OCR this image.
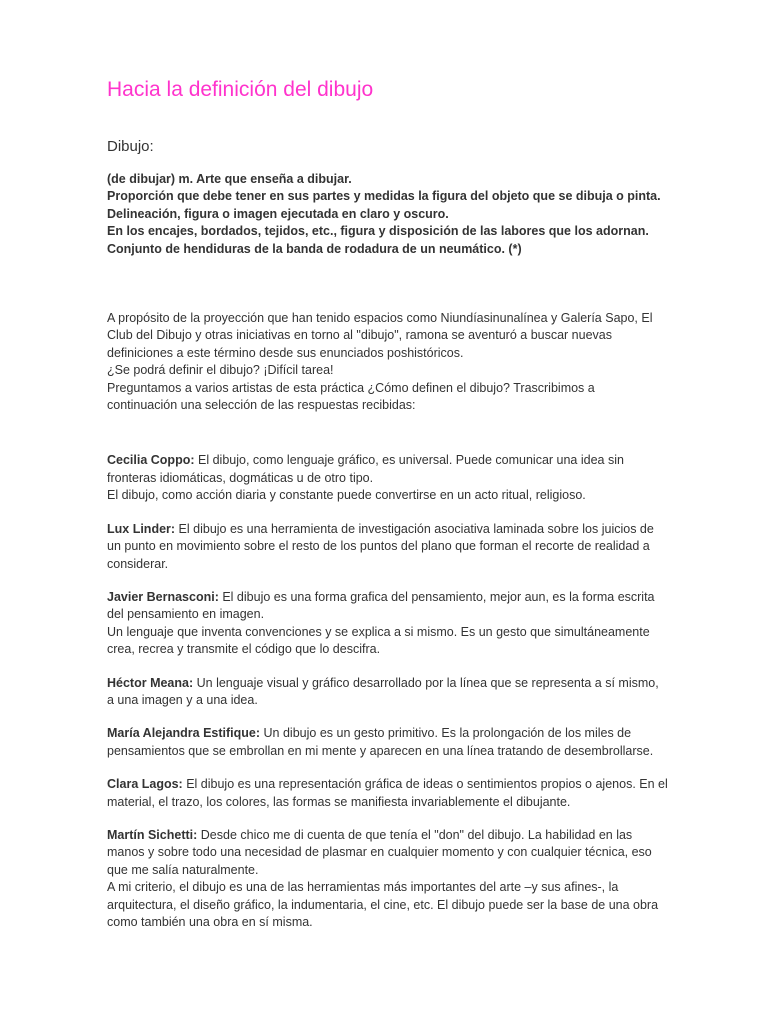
Hacia la definición del dibujo
Dibujo:

(de dibujar) m. Arte que enseña a dibujar.

Proporción que debe tener en sus partes y medidas la figura del objeto que se dibuja o pinta.

Delineación, figura o imagen ejecutada en claro y oscuro.

En los encajes, bordados, tejidos, etc., figura y disposición de las labores que los adornan.

Conjunto de hendiduras de la banda de rodadura de un neumático. (*)

A propósito de la proyección que han tenido espacios como Niundíasinunalínea y Galería Sapo, El Club del Dibujo y otras iniciativas en torno al "dibujo", ramona se aventuró a buscar nuevas definiciones a este término desde sus enunciados poshistóricos.

¿Se podrá definir el dibujo? ¡Difícil tarea!

Preguntamos a varios artistas de esta práctica ¿Cómo definen el dibujo? Trascribimos a continuación una selección de las respuestas recibidas:

Cecilia Coppo: El dibujo, como lenguaje gráfico, es universal. Puede comunicar una idea sin fronteras idiomáticas, dogmáticas u de otro tipo.

El dibujo, como acción diaria y constante puede convertirse en un acto ritual, religioso.

Lux Linder: El dibujo es una herramienta de investigación asociativa laminada sobre los juicios de un punto en movimiento sobre el resto de los puntos del plano que forman el recorte de realidad a considerar.

Javier Bernasconi: El dibujo es una forma grafica del pensamiento, mejor aun, es la forma escrita del pensamiento en imagen.

Un lenguaje que inventa convenciones y se explica a si mismo. Es un gesto que simultáneamente crea, recrea y transmite el código que lo descifra.

Héctor Meana: Un lenguaje visual y gráfico desarrollado por la línea que se representa a sí mismo, a una imagen y a una idea.

María Alejandra Estifique: Un dibujo es un gesto primitivo. Es la prolongación de los miles de pensamientos que se embrollan en mi mente y aparecen en una línea tratando de desembrollarse.

Clara Lagos: El dibujo es una representación gráfica de ideas o sentimientos propios o ajenos. En el material, el trazo, los colores, las formas se manifiesta invariablemente el dibujante.

Martín Sichetti: Desde chico me di cuenta de que tenía el "don" del dibujo. La habilidad en las manos y sobre todo una necesidad de plasmar en cualquier momento y con cualquier técnica, eso que me salía naturalmente.

A mi criterio, el dibujo es una de las herramientas más importantes del arte –y sus afines-, la arquitectura, el diseño gráfico, la indumentaria, el cine, etc. El dibujo puede ser la base de una obra como también una obra en sí misma.
